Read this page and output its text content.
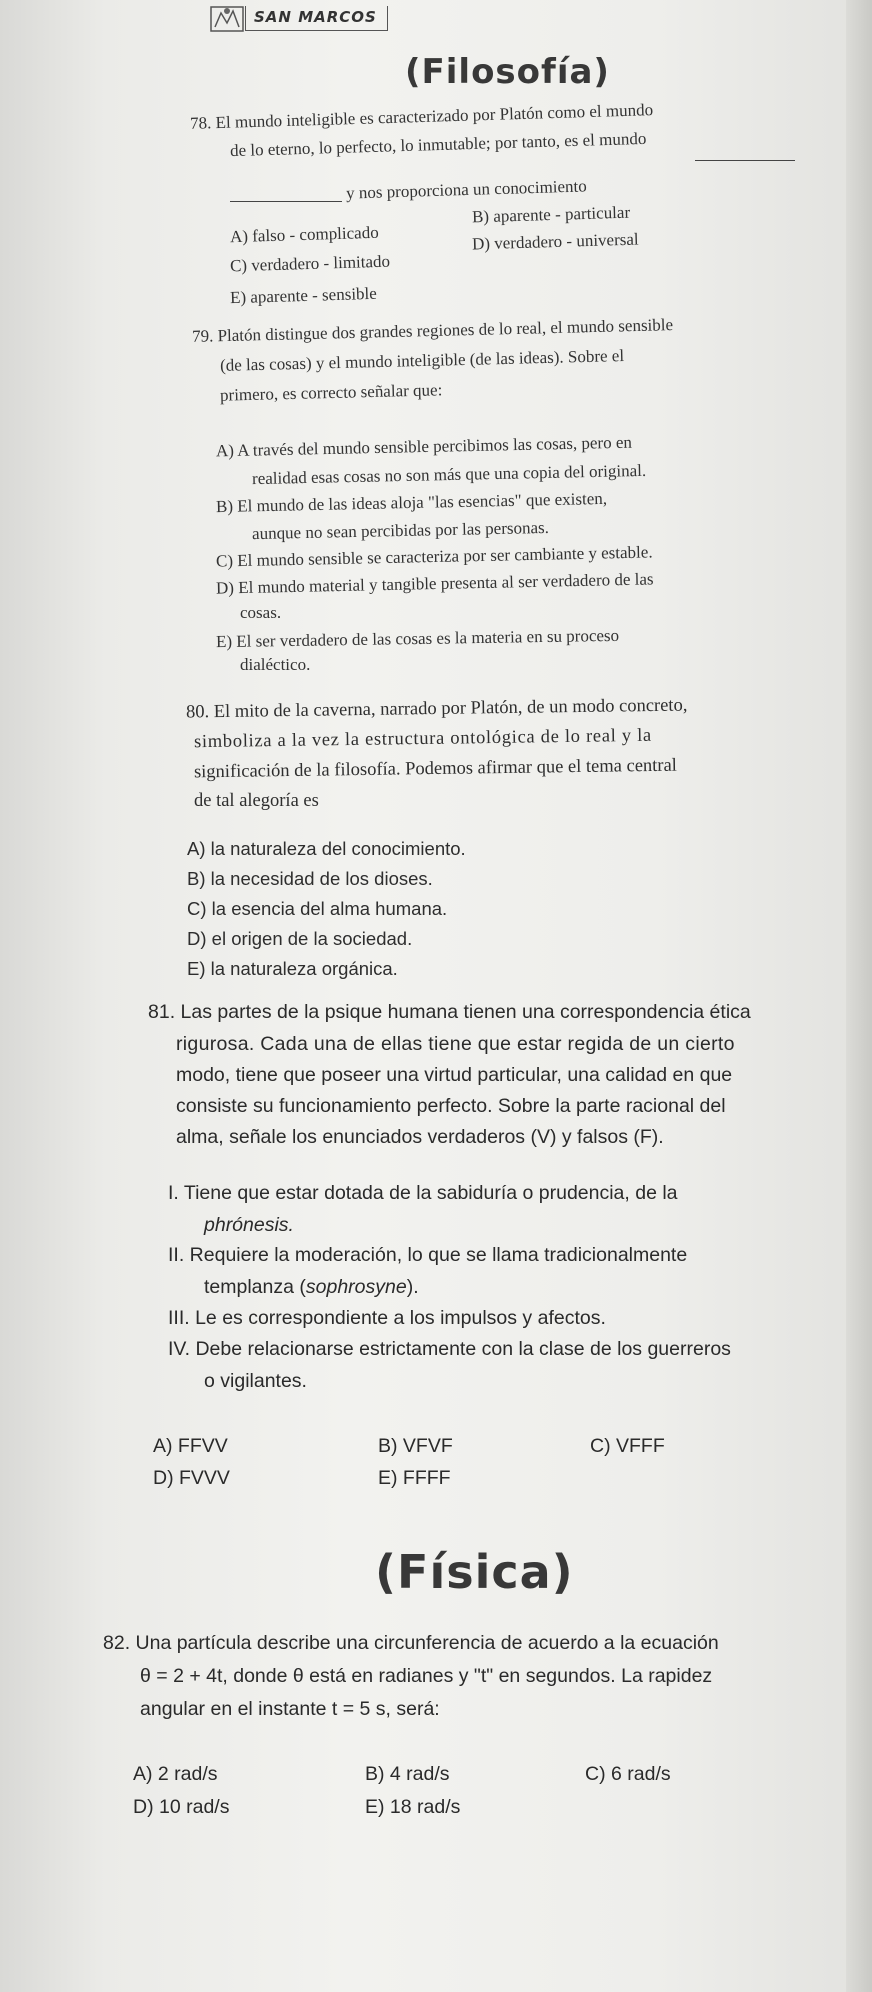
SAN MARCOS
(Filosofía)
78. El mundo inteligible es caracterizado por Platón como el mundo
de lo eterno, lo perfecto, lo inmutable; por tanto, es el mundo
y nos proporciona un conocimiento
A) falso - complicado
B) aparente - particular
C) verdadero - limitado
D) verdadero - universal
E) aparente - sensible
79. Platón distingue dos grandes regiones de lo real, el mundo sensible
(de las cosas) y el mundo inteligible (de las ideas). Sobre el
primero, es correcto señalar que:
A) A través del mundo sensible percibimos las cosas, pero en
realidad esas cosas no son más que una copia del original.
B) El mundo de las ideas aloja "las esencias" que existen,
aunque no sean percibidas por las personas.
C) El mundo sensible se caracteriza por ser cambiante y estable.
D) El mundo material y tangible presenta al ser verdadero de las
cosas.
E) El ser verdadero de las cosas es la materia en su proceso
dialéctico.
80. El mito de la caverna, narrado por Platón, de un modo concreto,
simboliza a la vez la estructura ontológica de lo real y la
significación de la filosofía. Podemos afirmar que el tema central
de tal alegoría es
A) la naturaleza del conocimiento.
B) la necesidad de los dioses.
C) la esencia del alma humana.
D) el origen de la sociedad.
E) la naturaleza orgánica.
81. Las partes de la psique humana tienen una correspondencia ética
rigurosa. Cada una de ellas tiene que estar regida de un cierto
modo, tiene que poseer una virtud particular, una calidad en que
consiste su funcionamiento perfecto. Sobre la parte racional del
alma, señale los enunciados verdaderos (V) y falsos (F).
I. Tiene que estar dotada de la sabiduría o prudencia, de la
phrónesis.
II. Requiere la moderación, lo que se llama tradicionalmente
templanza (sophrosyne).
III. Le es correspondiente a los impulsos y afectos.
IV. Debe relacionarse estrictamente con la clase de los guerreros
o vigilantes.
A) FFVV	B) VFVF	C) VFFF
D) FVVV	E) FFFF
(Física)
82. Una partícula describe una circunferencia de acuerdo a la ecuación
θ = 2 + 4t, donde θ está en radianes y "t" en segundos. La rapidez
angular en el instante t = 5 s, será:
A) 2 rad/s	B) 4 rad/s	C) 6 rad/s
D) 10 rad/s	E) 18 rad/s
